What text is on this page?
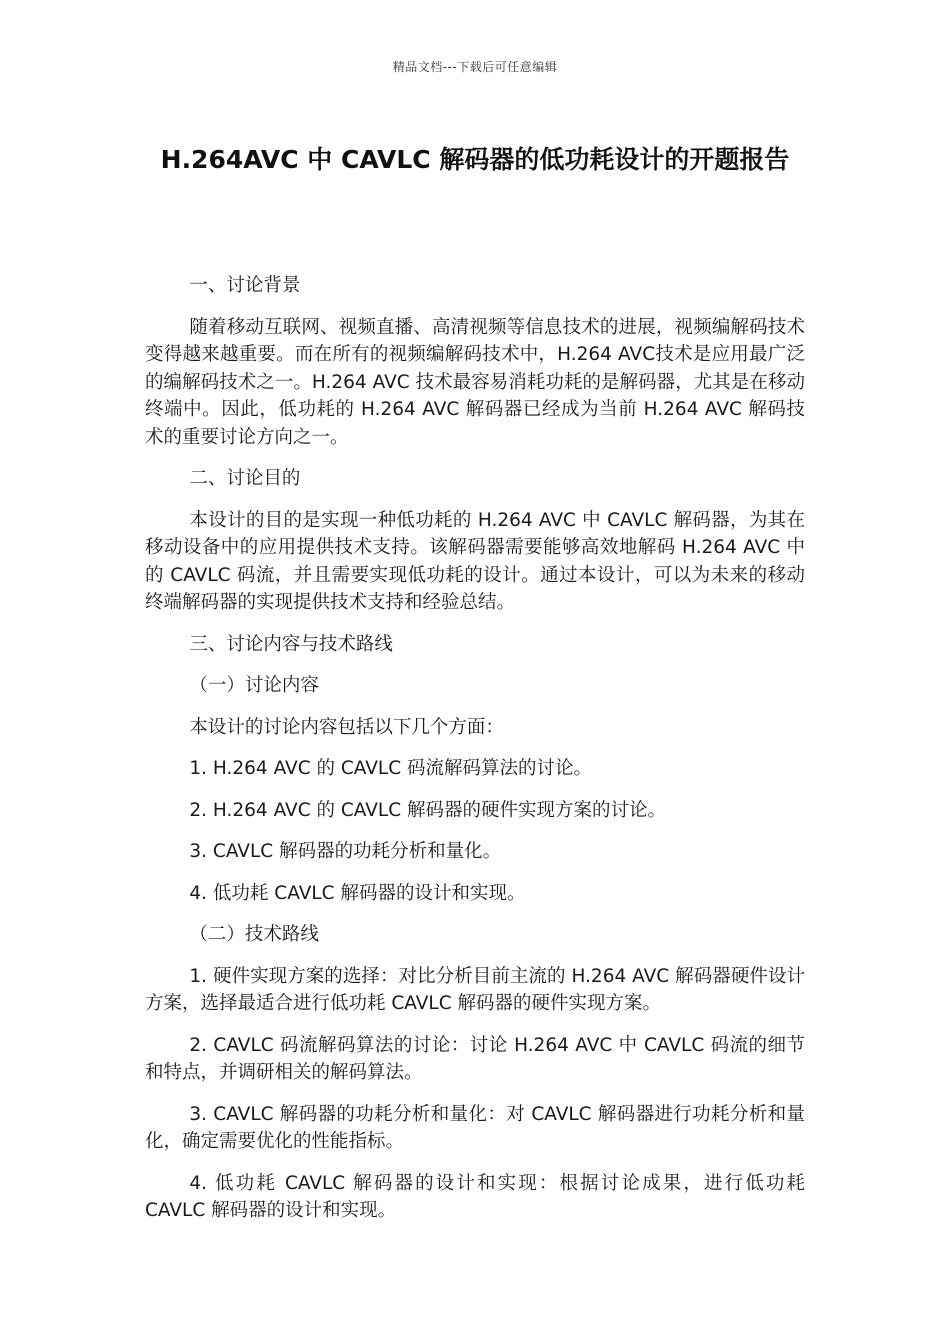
精品文档---下载后可任意编辑
H.264AVC 中 CAVLC 解码器的低功耗设计的开题报告

一、讨论背景

随着移动互联网、视频直播、高清视频等信息技术的进展，视频编解码技术变得越来越重要。而在所有的视频编解码技术中，H.264 AVC技术是应用最广泛的编解码技术之一。H.264 AVC 技术最容易消耗功耗的是解码器，尤其是在移动终端中。因此，低功耗的 H.264 AVC 解码器已经成为当前 H.264 AVC 解码技术的重要讨论方向之一。

二、讨论目的

本设计的目的是实现一种低功耗的 H.264 AVC 中 CAVLC 解码器，为其在移动设备中的应用提供技术支持。该解码器需要能够高效地解码 H.264 AVC 中的 CAVLC 码流，并且需要实现低功耗的设计。通过本设计，可以为未来的移动终端解码器的实现提供技术支持和经验总结。

三、讨论内容与技术路线

（一）讨论内容

本设计的讨论内容包括以下几个方面：

1. H.264 AVC 的 CAVLC 码流解码算法的讨论。

2. H.264 AVC 的 CAVLC 解码器的硬件实现方案的讨论。

3. CAVLC 解码器的功耗分析和量化。

4. 低功耗 CAVLC 解码器的设计和实现。

（二）技术路线

1. 硬件实现方案的选择：对比分析目前主流的 H.264 AVC 解码器硬件设计方案，选择最适合进行低功耗 CAVLC 解码器的硬件实现方案。

2. CAVLC 码流解码算法的讨论：讨论 H.264 AVC 中 CAVLC 码流的细节和特点，并调研相关的解码算法。

3. CAVLC 解码器的功耗分析和量化：对 CAVLC 解码器进行功耗分析和量化，确定需要优化的性能指标。

4. 低功耗 CAVLC 解码器的设计和实现：根据讨论成果，进行低功耗 CAVLC 解码器的设计和实现。
